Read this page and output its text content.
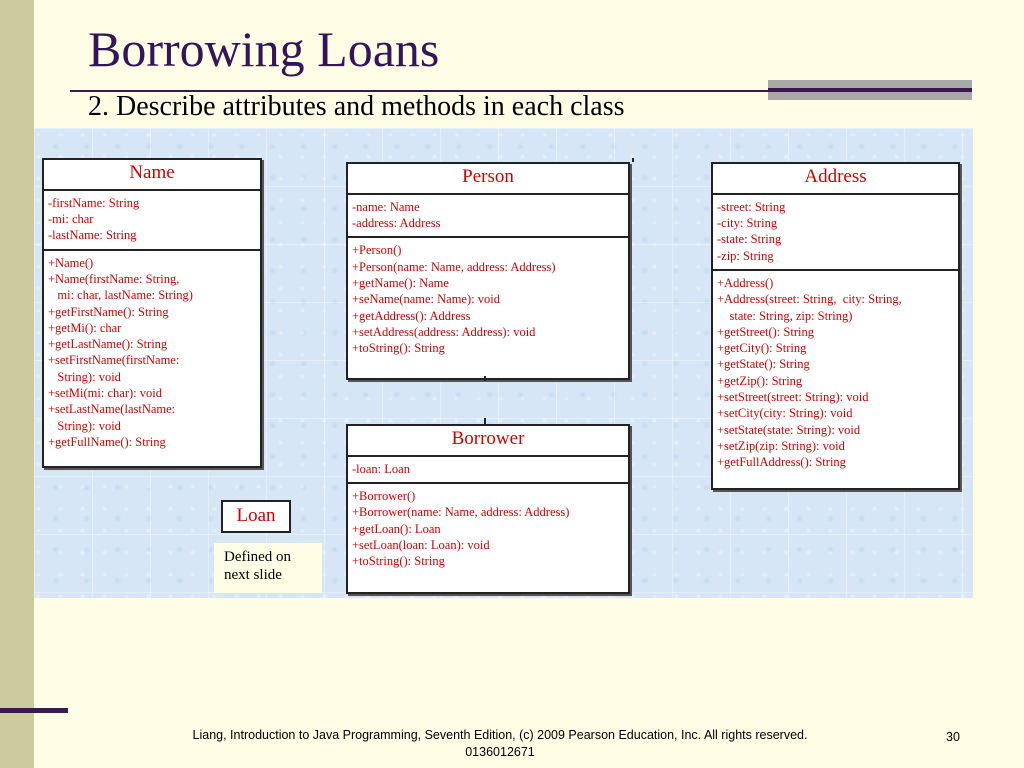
Borrowing Loans
2. Describe attributes and methods in each class
Name
-firstName: String
-mi: char
-lastName: String
+Name()
+Name(firstName: String,
mi: char, lastName: String)
+getFirstName(): String
+getMi(): char
+getLastName(): String
+setFirstName(firstName:
String): void
+setMi(mi: char): void
+setLastName(lastName:
String): void
+getFullName(): String
Person
-name: Name
-address: Address
+Person()
+Person(name: Name, address: Address)
+getName(): Name
+seName(name: Name): void
+getAddress(): Address
+setAddress(address: Address): void
+toString(): String
Address
-street: String
-city: String
-state: String
-zip: String
+Address()
+Address(street: String,  city: String,
state: String, zip: String)
+getStreet(): String
+getCity(): String
+getState(): String
+getZip(): String
+setStreet(street: String): void
+setCity(city: String): void
+setState(state: String): void
+setZip(zip: String): void
+getFullAddress(): String
Borrower
-loan: Loan
+Borrower()
+Borrower(name: Name, address: Address)
+getLoan(): Loan
+setLoan(loan: Loan): void
+toString(): String
Loan
Defined on
next slide
Liang, Introduction to Java Programming, Seventh Edition, (c) 2009 Pearson Education, Inc. All rights reserved. 0136012671
30
